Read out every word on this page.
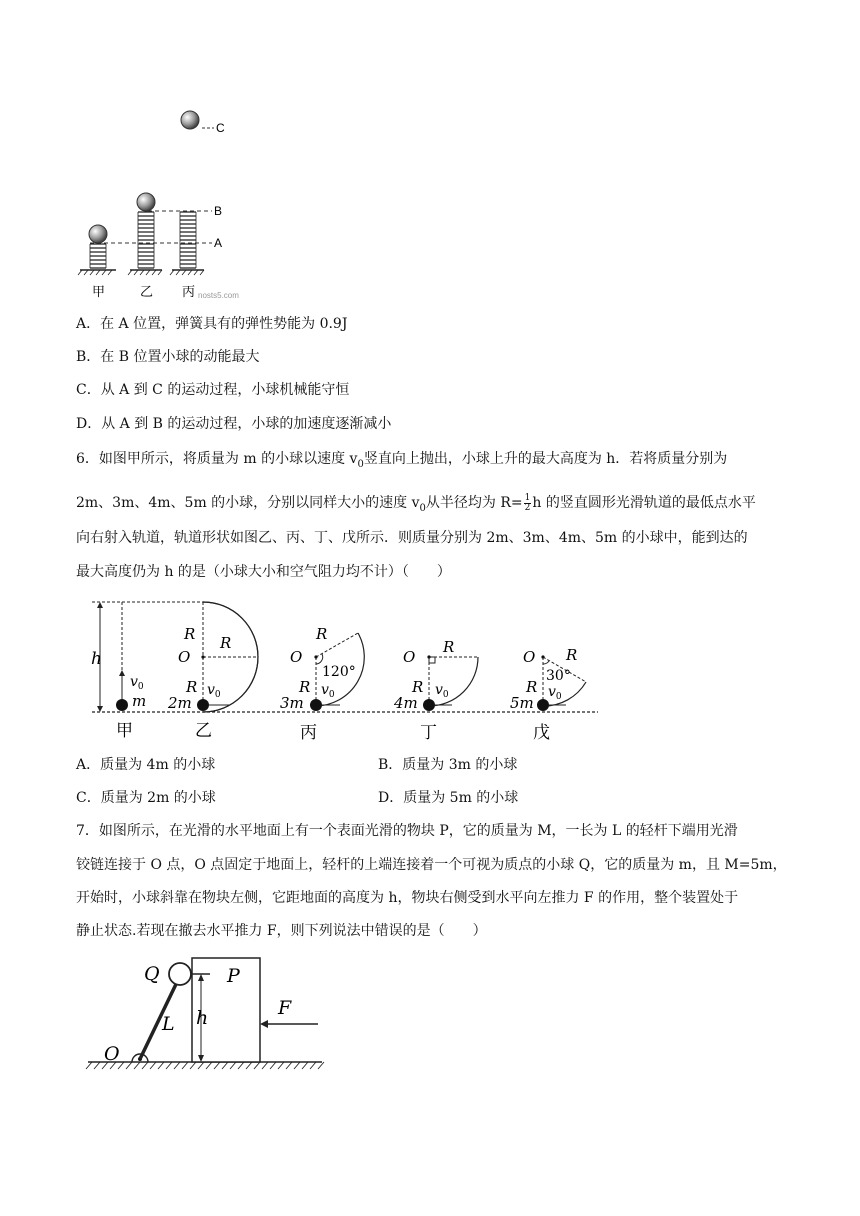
C
B
A
甲	乙 丙 nosts5.com
A．在 A 位置，弹簧具有的弹性势能为 0.9J
B．在 B 位置小球的动能最大
C．从 A 到 C 的运动过程，小球机械能守恒
D．从 A 到 B 的运动过程，小球的加速度逐渐减小
6．如图甲所示，将质量为 m 的小球以速度 $v_0$竖直向上抛出，小球上升的最大高度为 h．若将质量分别为
2m、3m、4m、5m 的小球，分别以同样大小的速度 $v_0$从半径均为 $R= \frac{1}{2}$ h 的竖直圆形光滑轨道的最低点水平
向右射入轨道，轨道形状如图乙、丙、丁、戊所示．则质量分别为 2m、3m、4m、5m 的小球中，能到达的
最大高度仍为 h 的是（小球大小和空气阻力均不计）（　　）
h
$v_0$
m
甲
R
O
R
R $v_0$
2m
乙
R
O
120°
R $v_0$
3m
丙
O
R
R $v_0$
4m
丁
O R
30°
R $v_0$
5m
戊
A．质量为 4m 的小球	B．质量为 3m 的小球
C．质量为 2m 的小球	D．质量为 5m 的小球
7．如图所示，在光滑的水平地面上有一个表面光滑的物块 P，它的质量为 M，一长为 L 的轻杆下端用光滑
铰链连接于 O 点，O 点固定于地面上，轻杆的上端连接着一个可视为质点的小球 Q，它的质量为 m，且 M=5m，
开始时，小球斜靠在物块左侧，它距地面的高度为 h，物块右侧受到水平向左推力 F 的作用，整个装置处于
静止状态.若现在撤去水平推力 F，则下列说法中错误的是（　　）
P
O
L
Q
h	F
